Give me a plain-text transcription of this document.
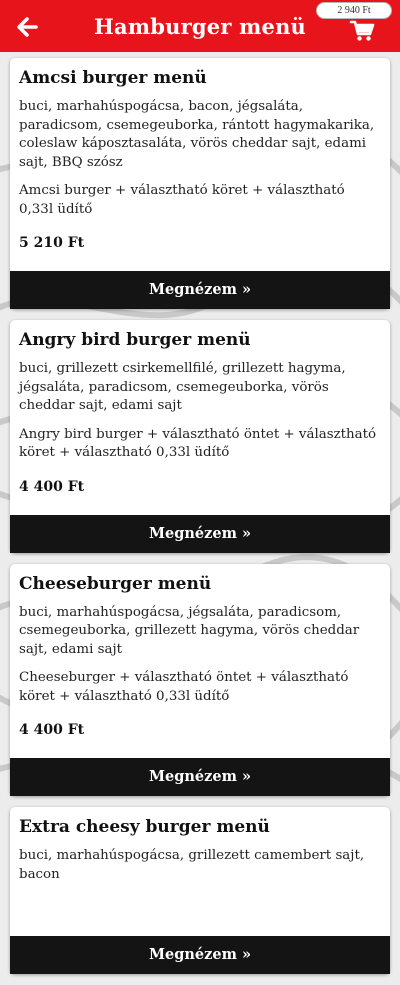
Hamburger menü
2 940 Ft
Amcsi burger menü
buci, marhahúspogácsa, bacon, jégsaláta, paradicsom, csemegeuborka, rántott hagymakarika, coleslaw káposztasaláta, vörös cheddar sajt, edami sajt, BBQ szósz
Amcsi burger + választható köret + választható 0,33l üdítő
5 210 Ft
Megnézem »
Angry bird burger menü
buci, grillezett csirkemellfilé, grillezett hagyma, jégsaláta, paradicsom, csemegeuborka, vörös cheddar sajt, edami sajt
Angry bird burger + választható öntet + választható köret + választható 0,33l üdítő
4 400 Ft
Megnézem »
Cheeseburger menü
buci, marhahúspogácsa, jégsaláta, paradicsom, csemegeuborka, grillezett hagyma, vörös cheddar sajt, edami sajt
Cheeseburger + választható öntet + választható köret + választható 0,33l üdítő
4 400 Ft
Megnézem »
Extra cheesy burger menü
buci, marhahúspogácsa, grillezett camembert sajt, bacon
Megnézem »
